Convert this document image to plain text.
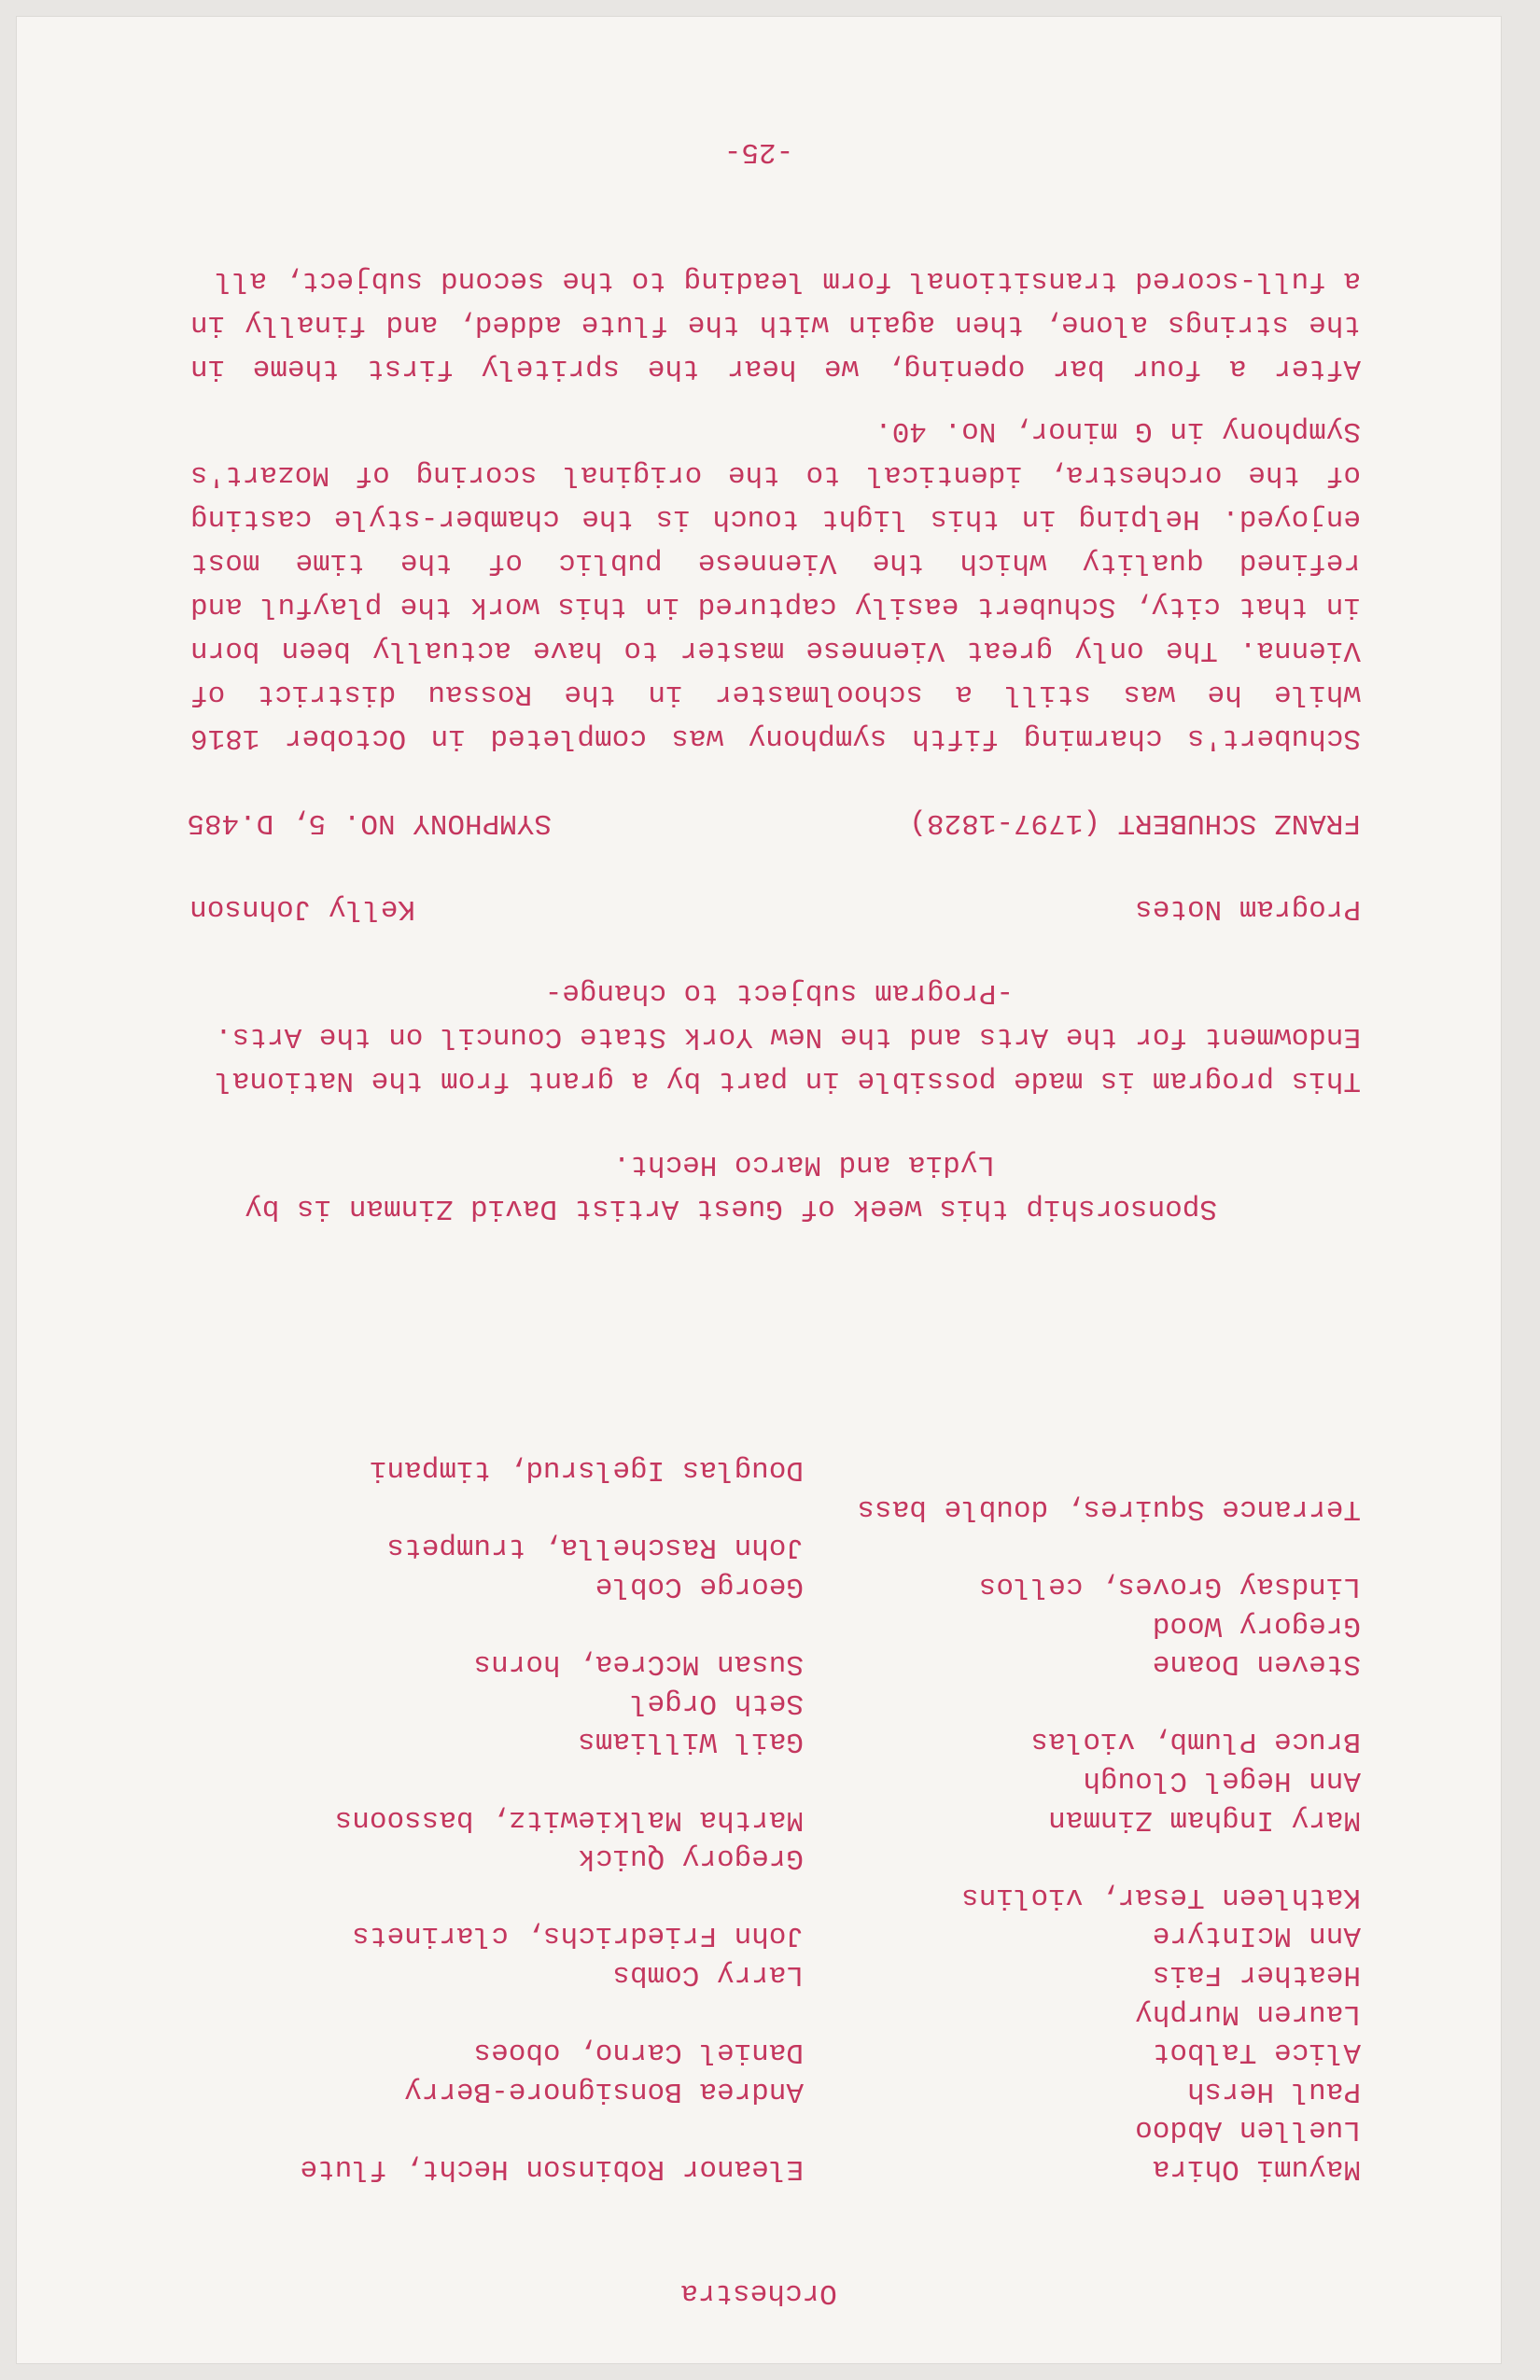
Orchestra
Mayumi Ohira
Luellen Abdoo
Paul Hersh
Alice Talbot
Lauren Murphy
Heather Fais
Ann McIntyre
Kathleen Tesar, violins
Mary Ingham Zinman
Ann Hegel Clough
Bruce Plumb, violas
Steven Doane
Gregory Wood
Lindsay Groves, cellos
Terrance Squires, double bass
Eleanor Robinson Hecht, flute
Andrea Bonsignore-Berry
Daniel Carno, oboes
Larry Combs
John Friedrichs, clarinets
Gregory Quick
Martha Malkiewitz, bassoons
Gail Williams
Seth Orgel
Susan McCrea, horns
George Coble
John Raschella, trumpets
Douglas Igelsrud, timpani
Sponsorship this week of Guest Artist David Zinman is by
Lydia and Marco Hecht.
This program is made possible in part by a grant from the National
Endowment for the Arts and the New York State Council on the Arts.
-Program subject to change-
Program Notes
Kelly Johnson
FRANZ SCHUBERT (1797-1828)
SYMPHONY NO. 5, D.485
Schubert's charming fifth symphony was completed in October 1816
while he was still a schoolmaster in the Rossau district of
Vienna. The only great Viennese master to have actually been born
in that city, Schubert easily captured in this work the playful and
refined quality which the Viennese public of the time most
enjoyed. Helping in this light touch is the chamber-style casting
of the orchestra, identical to the original scoring of Mozart's
Symphony in G minor, No. 40.
After a four bar opening, we hear the spritely first theme in
the strings alone, then again with the flute added, and finally in
a full-scored transitional form leading to the second subject, all
-25-
